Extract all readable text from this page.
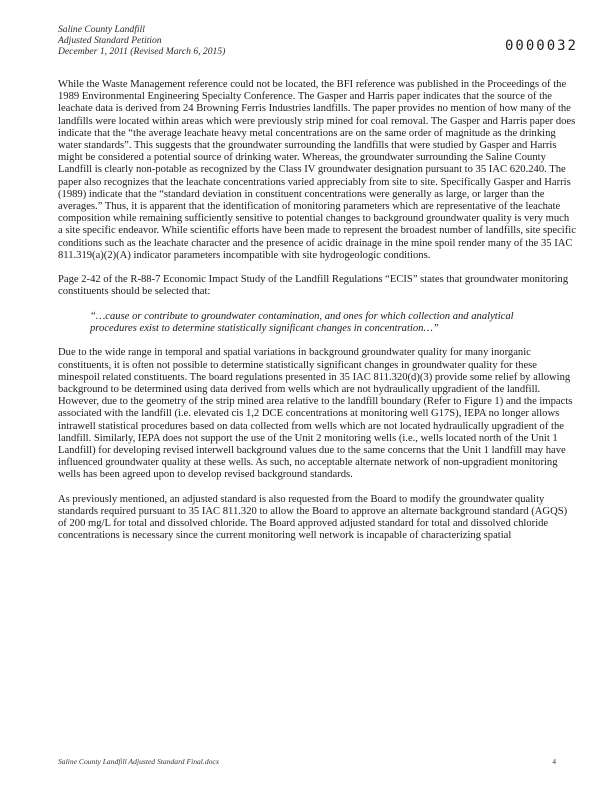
Saline County Landfill
Adjusted Standard Petition
December 1, 2011 (Revised March 6, 2015)	0000032

While the Waste Management reference could not be located, the BFI reference was published in the Proceedings of the 1989 Environmental Engineering Specialty Conference. The Gasper and Harris paper indicates that the source of the leachate data is derived from 24 Browning Ferris Industries landfills. The paper provides no mention of how many of the landfills were located within areas which were previously strip mined for coal removal. The Gasper and Harris paper does indicate that the “the average leachate heavy metal concentrations are on the same order of magnitude as the drinking water standards”. This suggests that the groundwater surrounding the landfills that were studied by Gasper and Harris might be considered a potential source of drinking water. Whereas, the groundwater surrounding the Saline County Landfill is clearly non-potable as recognized by the Class IV groundwater designation pursuant to 35 IAC 620.240. The paper also recognizes that the leachate concentrations varied appreciably from site to site. Specifically Gasper and Harris (1989) indicate that the “standard deviation in constituent concentrations were generally as large, or larger than the averages.” Thus, it is apparent that the identification of monitoring parameters which are representative of the leachate composition while remaining sufficiently sensitive to potential changes to background groundwater quality is very much a site specific endeavor. While scientific efforts have been made to represent the broadest number of landfills, site specific conditions such as the leachate character and the presence of acidic drainage in the mine spoil render many of the 35 IAC 811.319(a)(2)(A) indicator parameters incompatible with site hydrogeologic conditions.

Page 2-42 of the R-88-7 Economic Impact Study of the Landfill Regulations “ECIS” states that groundwater monitoring constituents should be selected that:

“…cause or contribute to groundwater contamination, and ones for which collection and analytical procedures exist to determine statistically significant changes in concentration…”

Due to the wide range in temporal and spatial variations in background groundwater quality for many inorganic constituents, it is often not possible to determine statistically significant changes in groundwater quality for these minespoil related constituents. The board regulations presented in 35 IAC 811.320(d)(3) provide some relief by allowing background to be determined using data derived from wells which are not hydraulically upgradient of the landfill. However, due to the geometry of the strip mined area relative to the landfill boundary (Refer to Figure 1) and the impacts associated with the landfill (i.e. elevated cis 1,2 DCE concentrations at monitoring well G17S), IEPA no longer allows intrawell statistical procedures based on data collected from wells which are not located hydraulically upgradient of the landfill. Similarly, IEPA does not support the use of the Unit 2 monitoring wells (i.e., wells located north of the Unit 1 Landfill) for developing revised interwell background values due to the same concerns that the Unit 1 landfill may have influenced groundwater quality at these wells. As such, no acceptable alternate network of non-upgradient monitoring wells has been agreed upon to develop revised background standards.

As previously mentioned, an adjusted standard is also requested from the Board to modify the groundwater quality standards required pursuant to 35 IAC 811.320 to allow the Board to approve an alternate background standard (AGQS) of 200 mg/L for total and dissolved chloride. The Board approved adjusted standard for total and dissolved chloride concentrations is necessary since the current monitoring well network is incapable of characterizing spatial

Saline County Landfill Adjusted Standard Final.docx	4
